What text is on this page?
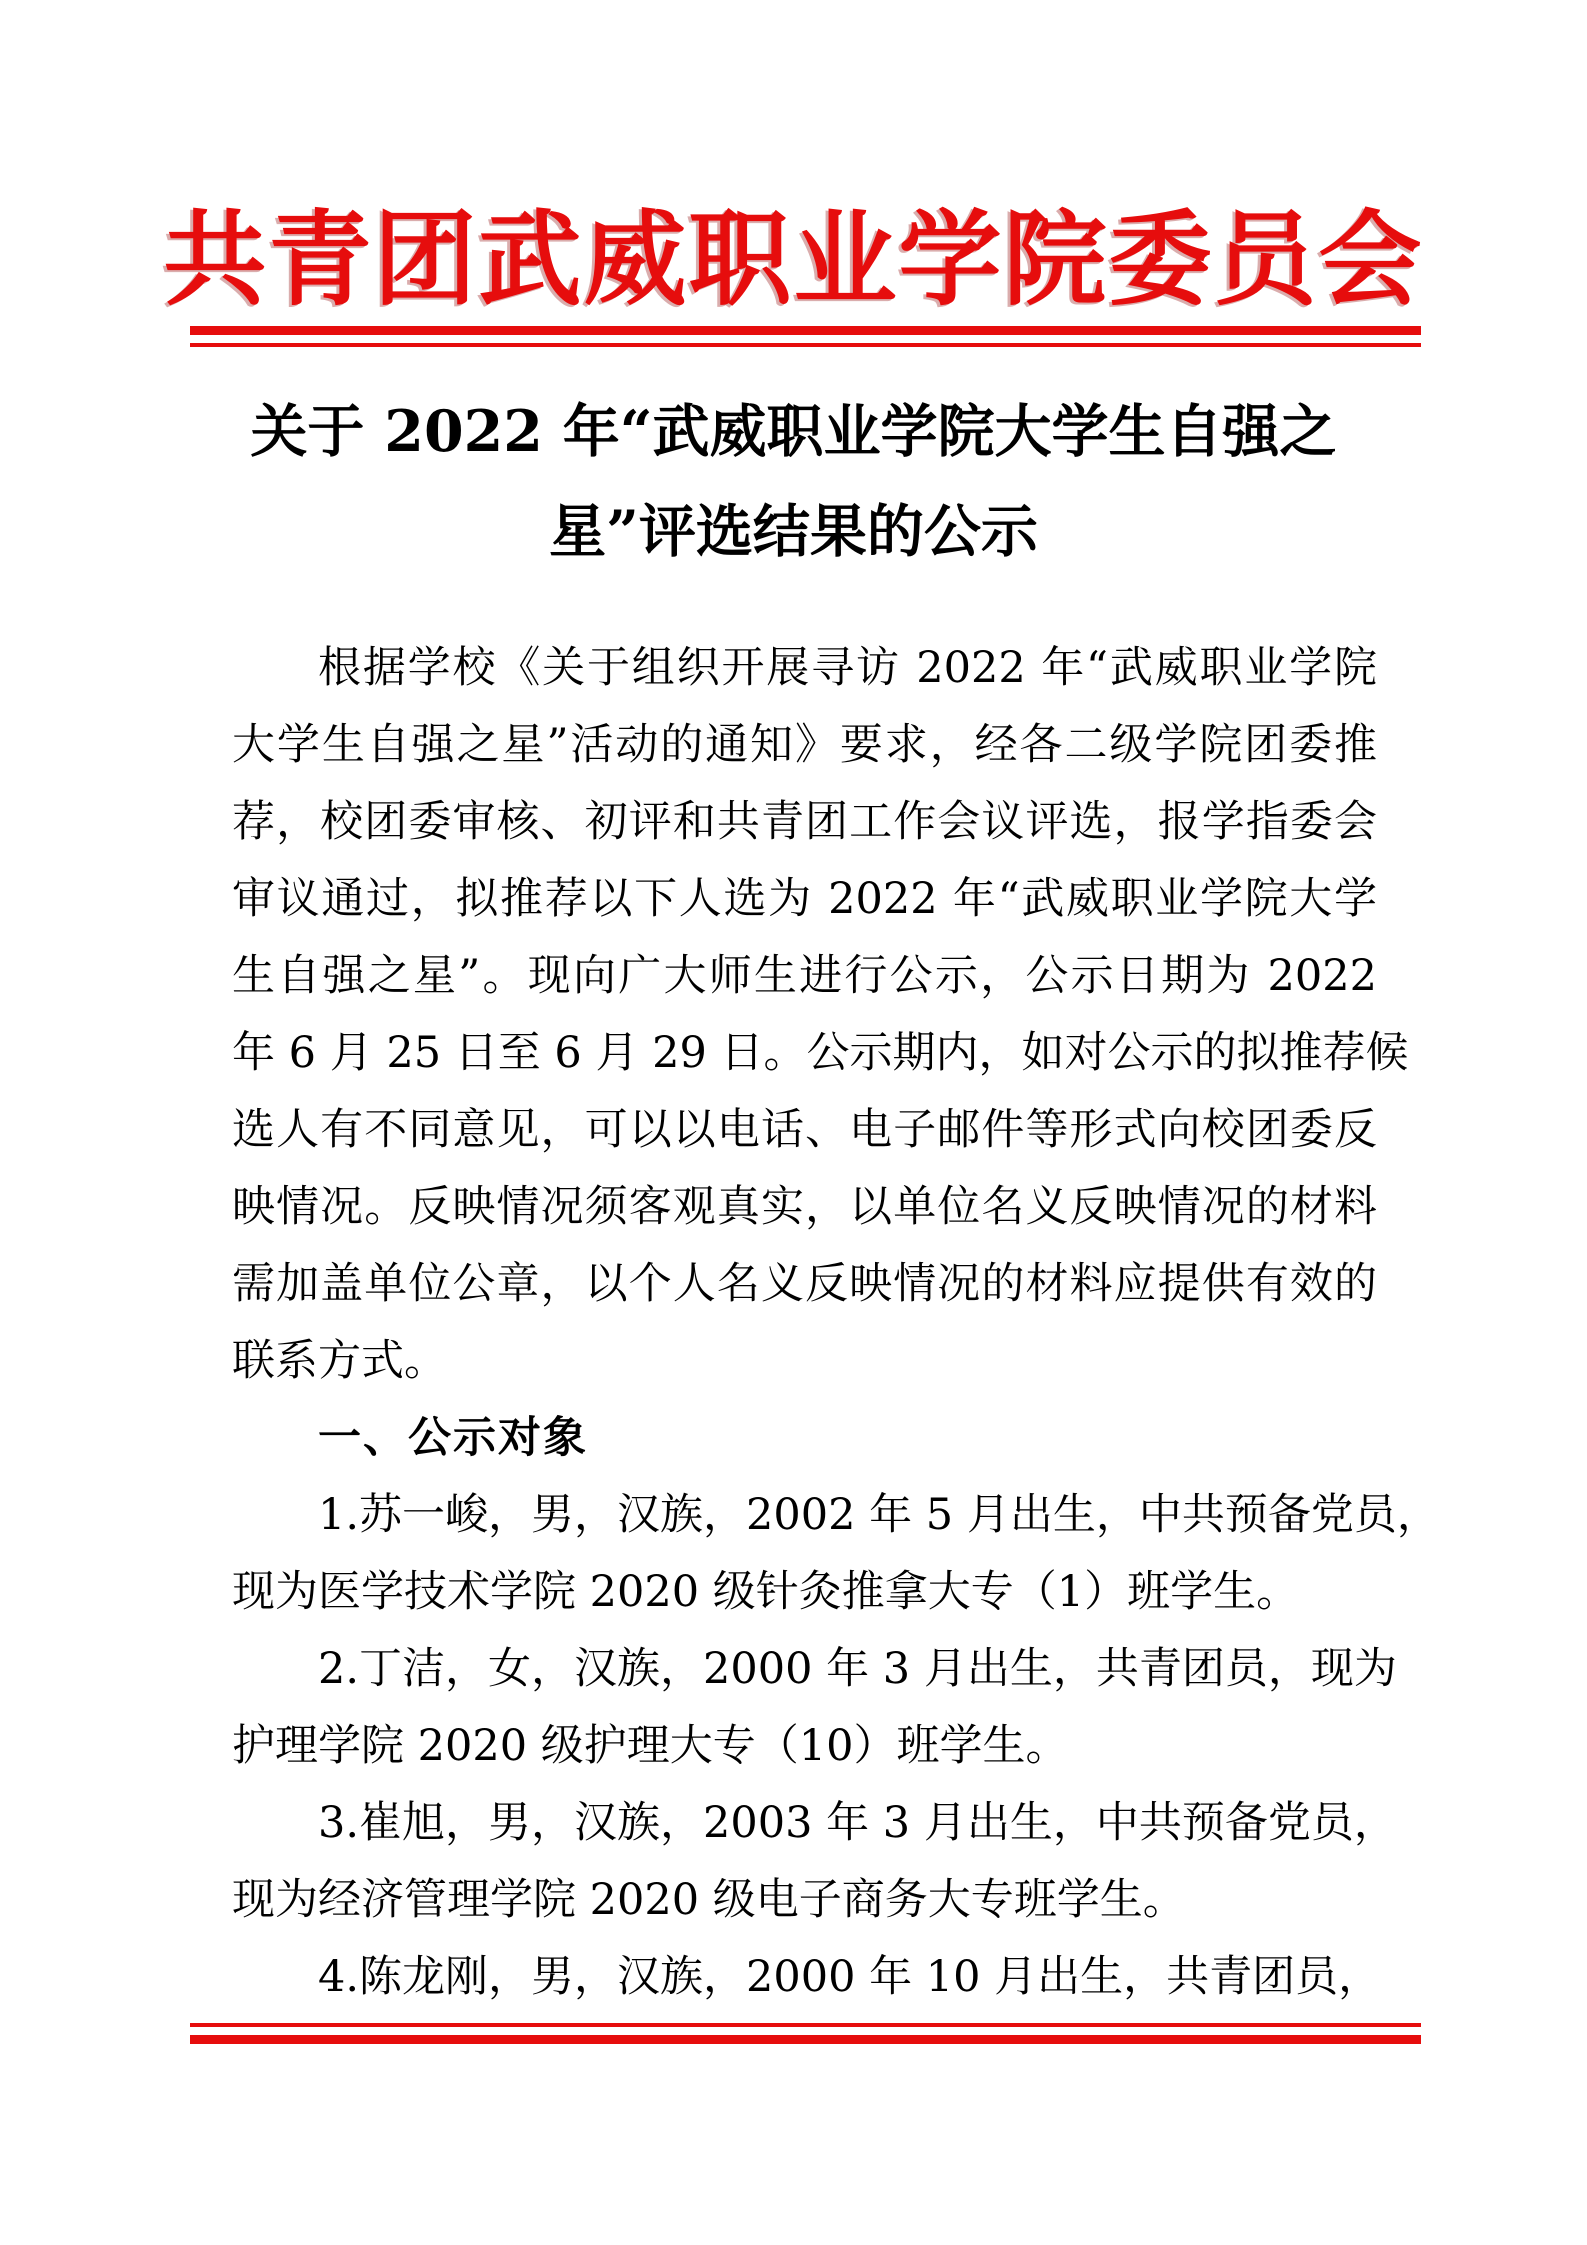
共青团武威职业学院委员会
关于 2022 年“武威职业学院大学生自强之
星”评选结果的公示
根据学校《关于组织开展寻访 2022 年“武威职业学院
大学生自强之星”活动的通知》要求，经各二级学院团委推
荐，校团委审核、初评和共青团工作会议评选，报学指委会
审议通过，拟推荐以下人选为 2022 年“武威职业学院大学
生自强之星”。现向广大师生进行公示，公示日期为 2022
年 6 月 25 日至 6 月 29 日。公示期内，如对公示的拟推荐候
选人有不同意见，可以以电话、电子邮件等形式向校团委反
映情况。反映情况须客观真实，以单位名义反映情况的材料
需加盖单位公章，以个人名义反映情况的材料应提供有效的
联系方式。
一、公示对象
1.苏一峻，男，汉族，2002 年 5 月出生，中共预备党员，
现为医学技术学院 2020 级针灸推拿大专（1）班学生。
2.丁洁，女，汉族，2000 年 3 月出生，共青团员，现为
护理学院 2020 级护理大专（10）班学生。
3.崔旭，男，汉族，2003 年 3 月出生，中共预备党员，
现为经济管理学院 2020 级电子商务大专班学生。
4.陈龙刚，男，汉族，2000 年 10 月出生，共青团员，
